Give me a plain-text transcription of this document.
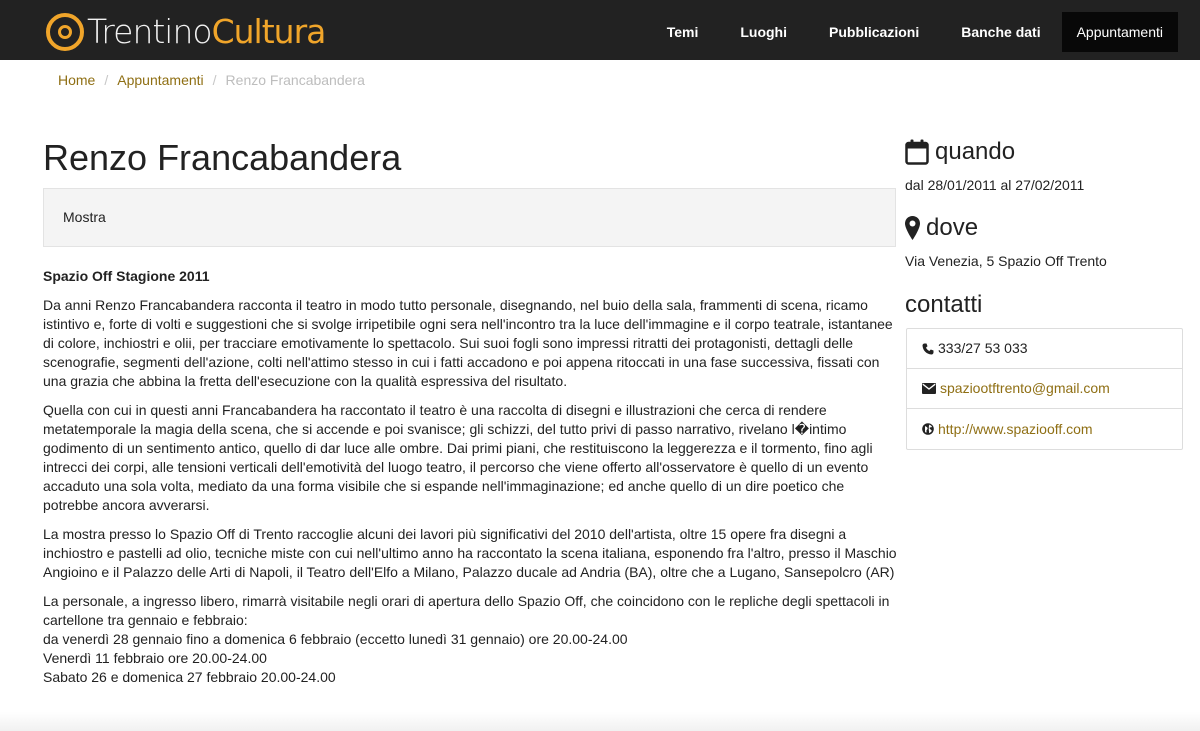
TrentinoCultura	Temi	Luoghi	Pubblicazioni	Banche dati	Appuntamenti
Home / Appuntamenti / Renzo Francabandera
Renzo Francabandera
Mostra

Spazio Off Stagione 2011

Da anni Renzo Francabandera racconta il teatro in modo tutto personale, disegnando, nel buio della sala, frammenti di scena, ricamo istintivo e, forte di volti e suggestioni che si svolge irripetibile ogni sera nell'incontro tra la luce dell'immagine e il corpo teatrale, istantanee di colore, inchiostri e olii, per tracciare emotivamente lo spettacolo. Sui suoi fogli sono impressi ritratti dei protagonisti, dettagli delle scenografie, segmenti dell'azione, colti nell'attimo stesso in cui i fatti accadono e poi appena ritoccati in una fase successiva, fissati con una grazia che abbina la fretta dell'esecuzione con la qualità espressiva del risultato.

Quella con cui in questi anni Francabandera ha raccontato il teatro è una raccolta di disegni e illustrazioni che cerca di rendere metatemporale la magia della scena, che si accende e poi svanisce; gli schizzi, del tutto privi di passo narrativo, rivelano l�intimo godimento di un sentimento antico, quello di dar luce alle ombre. Dai primi piani, che restituiscono la leggerezza e il tormento, fino agli intrecci dei corpi, alle tensioni verticali dell'emotività del luogo teatro, il percorso che viene offerto all'osservatore è quello di un evento accaduto una sola volta, mediato da una forma visibile che si espande nell'immaginazione; ed anche quello di un dire poetico che potrebbe ancora avverarsi.

La mostra presso lo Spazio Off di Trento raccoglie alcuni dei lavori più significativi del 2010 dell'artista, oltre 15 opere fra disegni a inchiostro e pastelli ad olio, tecniche miste con cui nell'ultimo anno ha raccontato la scena italiana, esponendo fra l'altro, presso il Maschio Angioino e il Palazzo delle Arti di Napoli, il Teatro dell'Elfo a Milano, Palazzo ducale ad Andria (BA), oltre che a Lugano, Sansepolcro (AR)

La personale, a ingresso libero, rimarrà visitabile negli orari di apertura dello Spazio Off, che coincidono con le repliche degli spettacoli in cartellone tra gennaio e febbraio:
da venerdì 28 gennaio fino a domenica 6 febbraio (eccetto lunedì 31 gennaio) ore 20.00-24.00
Venerdì 11 febbraio ore 20.00-24.00
Sabato 26 e domenica 27 febbraio 20.00-24.00

quando
dal 28/01/2011 al 27/02/2011
dove
Via Venezia, 5 Spazio Off Trento
contatti
333/27 53 033
spaziootftrento@gmail.com
http://www.spaziooff.com
